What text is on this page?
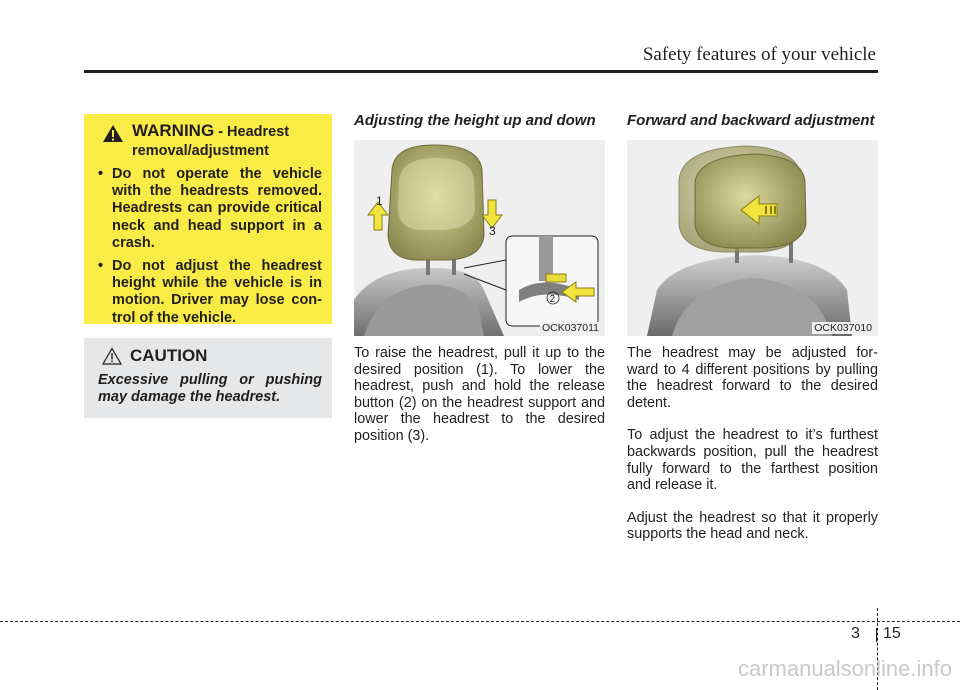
Safety features of your vehicle
WARNING - Headrest
removal/adjustment
• Do not operate the vehicle with the headrests removed. Headrests can provide critical neck and head support in a crash.
• Do not adjust the headrest height while the vehicle is in motion. Driver may lose con- trol of the vehicle.
CAUTION
Excessive pulling or pushing may damage the headrest.
Adjusting the height up and down
1
3
2
OCK037011

To raise the headrest, pull it up to the desired position (1). To lower the headrest, push and hold the release button (2) on the headrest support and lower the headrest to the desired position (3).

Forward and backward adjustment
OCK037010

The headrest may be adjusted for- ward to 4 different positions by pulling the headrest forward to the desired detent.

To adjust the headrest to it’s furthest backwards position, pull the headrest fully forward to the farthest position and release it.

Adjust the headrest so that it properly supports the head and neck.

3 15
carmanualsonline.info
